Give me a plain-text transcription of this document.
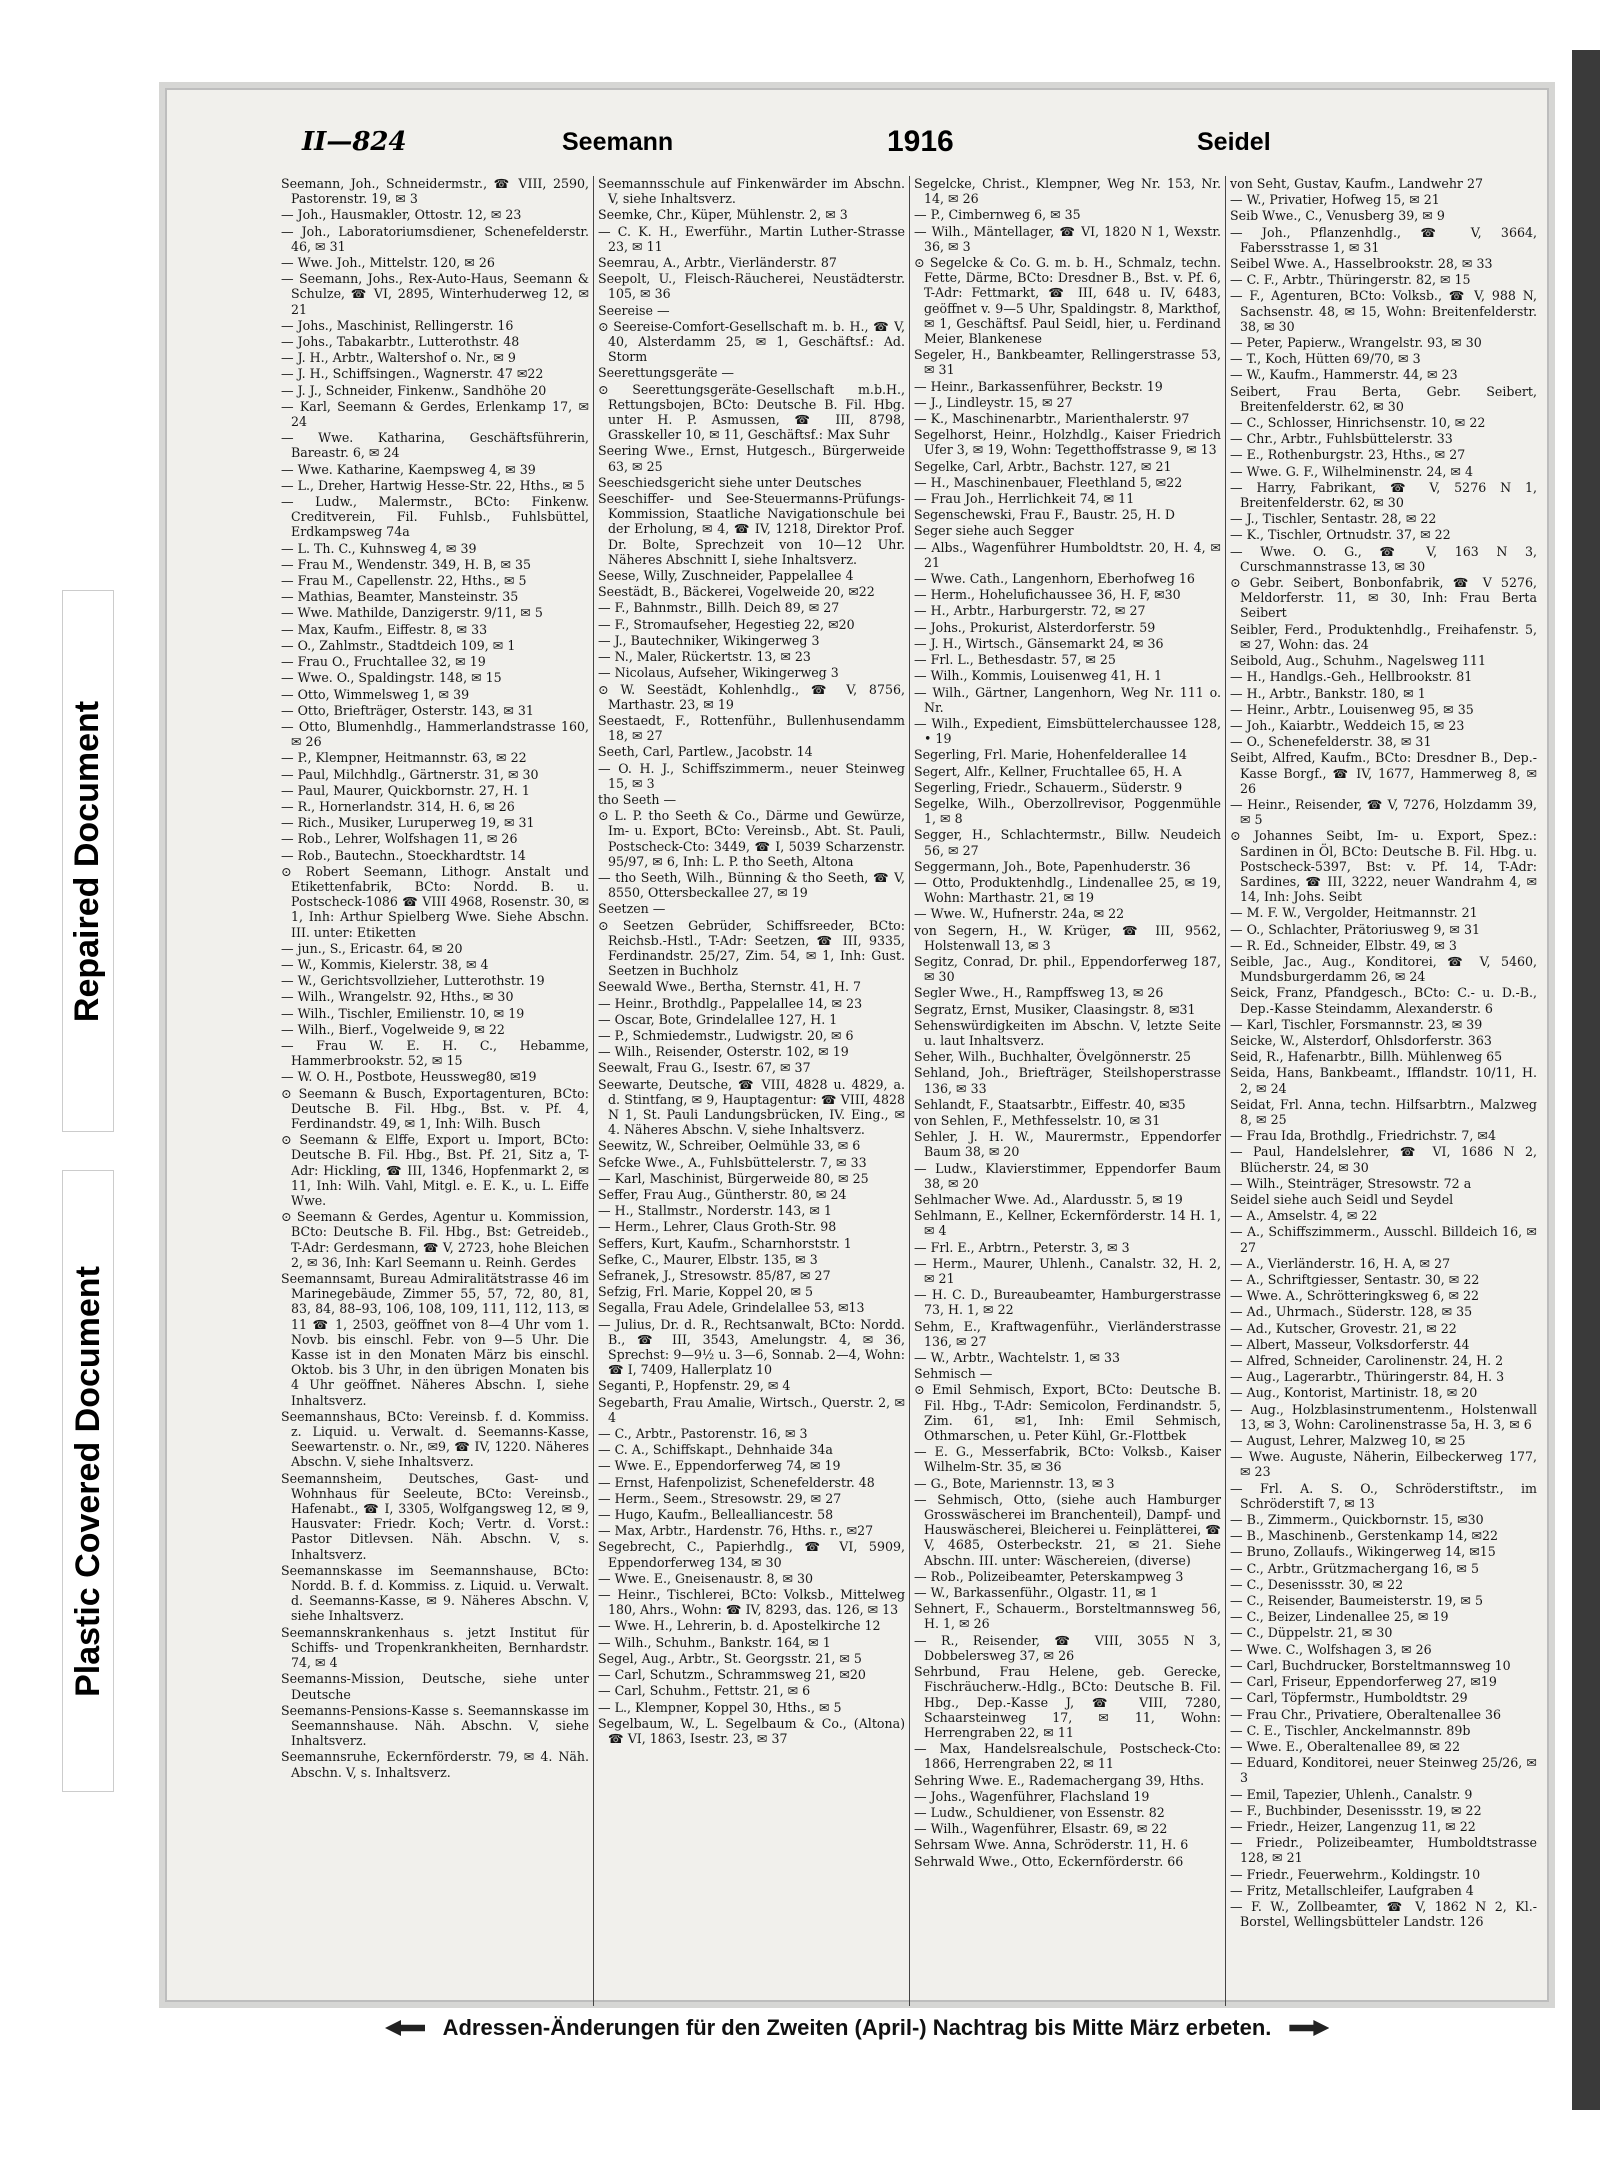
Repaired Document
Plastic Covered Document
II—824	Seemann	1916	Seidel
Seemann, Joh., Schneidermstr., ☎ VIII, 2590, Pastorenstr. 19, ✉ 3
— Joh., Hausmakler, Ottostr. 12, ✉ 23
— Joh., Laboratoriumsdiener, Schenefelderstr. 46, ✉ 31
— Wwe. Joh., Mittelstr. 120, ✉ 26
— Seemann, Johs., Rex-Auto-Haus, Seemann & Schulze, ☎ VI, 2895, Winterhuderweg 12, ✉ 21
— Johs., Maschinist, Rellingerstr. 16
— Johs., Tabakarbtr., Lutterothstr. 48
— J. H., Arbtr., Waltershof o. Nr., ✉ 9
— J. H., Schiffsingen., Wagnerstr. 47 ✉22
— J. J., Schneider, Finkenw., Sandhöhe 20
— Karl, Seemann & Gerdes, Erlenkamp 17, ✉ 24
— Wwe. Katharina, Geschäftsführerin, Bareastr. 6, ✉ 24
— Wwe. Katharine, Kaempsweg 4, ✉ 39
— L., Dreher, Hartwig Hesse-Str. 22, Hths., ✉ 5
— Ludw., Malermstr., BCto: Finkenw. Creditverein, Fil. Fuhlsb., Fuhlsbüttel, Erdkampsweg 74a
— L. Th. C., Kuhnsweg 4, ✉ 39
— Frau M., Wendenstr. 349, H. B, ✉ 35
— Frau M., Capellenstr. 22, Hths., ✉ 5
— Mathias, Beamter, Mansteinstr. 35
— Wwe. Mathilde, Danzigerstr. 9/11, ✉ 5
— Max, Kaufm., Eiffestr. 8, ✉ 33
— O., Zahlmstr., Stadtdeich 109, ✉ 1
— Frau O., Fruchtallee 32, ✉ 19
— Wwe. O., Spaldingstr. 148, ✉ 15
— Otto, Wimmelsweg 1, ✉ 39
— Otto, Briefträger, Osterstr. 143, ✉ 31
— Otto, Blumenhdlg., Hammerlandstrasse 160, ✉ 26
— P., Klempner, Heitmannstr. 63, ✉ 22
— Paul, Milchhdlg., Gärtnerstr. 31, ✉ 30
— Paul, Maurer, Quickbornstr. 27, H. 1
— R., Hornerlandstr. 314, H. 6, ✉ 26
— Rich., Musiker, Luruperweg 19, ✉ 31
— Rob., Lehrer, Wolfshagen 11, ✉ 26
— Rob., Bautechn., Stoeckhardtstr. 14
⊙ Robert Seemann, Lithogr. Anstalt und Etikettenfabrik, BCto: Nordd. B. u. Postscheck-1086 ☎ VIII 4968, Rosenstr. 30, ✉ 1, Inh: Arthur Spielberg Wwe. Siehe Abschn. III. unter: Etiketten
— jun., S., Ericastr. 64, ✉ 20
— W., Kommis, Kielerstr. 38, ✉ 4
— W., Gerichtsvollzieher, Lutterothstr. 19
— Wilh., Wrangelstr. 92, Hths., ✉ 30
— Wilh., Tischler, Emilienstr. 10, ✉ 19
— Wilh., Bierf., Vogelweide 9, ✉ 22
— Frau W. E. H. C., Hebamme, Hammerbrookstr. 52, ✉ 15
— W. O. H., Postbote, Heussweg80, ✉19
⊙ Seemann & Busch, Exportagenturen, BCto: Deutsche B. Fil. Hbg., Bst. v. Pf. 4, Ferdinandstr. 49, ✉ 1, Inh: Wilh. Busch
⊙ Seemann & Elffe, Export u. Import, BCto: Deutsche B. Fil. Hbg., Bst. Pf. 21, Sitz a, T-Adr: Hickling, ☎ III, 1346, Hopfenmarkt 2, ✉ 11, Inh: Wilh. Vahl, Mitgl. e. E. K., u. L. Eiffe Wwe.
⊙ Seemann & Gerdes, Agentur u. Kommission, BCto: Deutsche B. Fil. Hbg., Bst: Getreideb., T-Adr: Gerdesmann, ☎ V, 2723, hohe Bleichen 2, ✉ 36, Inh: Karl Seemann u. Reinh. Gerdes
Seemannsamt, Bureau Admiralitätstrasse 46 im Marinegebäude, Zimmer 55, 57, 72, 80, 81, 83, 84, 88–93, 106, 108, 109, 111, 112, 113, ✉ 11 ☎ 1, 2503, geöffnet von 8—4 Uhr vom 1. Novb. bis einschl. Febr. von 9—5 Uhr. Die Kasse ist in den Monaten März bis einschl. Oktob. bis 3 Uhr, in den übrigen Monaten bis 4 Uhr geöffnet. Näheres Abschn. I, siehe Inhaltsverz.
Seemannshaus, BCto: Vereinsb. f. d. Kommiss. z. Liquid. u. Verwalt. d. Seemanns-Kasse, Seewartenstr. o. Nr., ✉9, ☎ IV, 1220. Näheres Abschn. V, siehe Inhaltsverz.
Seemannsheim, Deutsches, Gast- und Wohnhaus für Seeleute, BCto: Vereinsb., Hafenabt., ☎ I, 3305, Wolfgangsweg 12, ✉ 9, Hausvater: Friedr. Koch; Vertr. d. Vorst.: Pastor Ditlevsen. Näh. Abschn. V, s. Inhaltsverz.
Seemannskasse im Seemannshause, BCto: Nordd. B. f. d. Kommiss. z. Liquid. u. Verwalt. d. Seemanns-Kasse, ✉ 9. Näheres Abschn. V, siehe Inhaltsverz.
Seemannskrankenhaus s. jetzt Institut für Schiffs- und Tropenkrankheiten, Bernhardstr. 74, ✉ 4
Seemanns-Mission, Deutsche, siehe unter Deutsche
Seemanns-Pensions-Kasse s. Seemannskasse im Seemannshause. Näh. Abschn. V, siehe Inhaltsverz.
Seemannsruhe, Eckernförderstr. 79, ✉ 4. Näh. Abschn. V, s. Inhaltsverz.
Seemannsschule auf Finkenwärder im Abschn. V, siehe Inhaltsverz.
Seemke, Chr., Küper, Mühlenstr. 2, ✉ 3
— C. K. H., Ewerführ., Martin Luther-Strasse 23, ✉ 11
Seemrau, A., Arbtr., Vierländerstr. 87
Seepolt, U., Fleisch-Räucherei, Neustädterstr. 105, ✉ 36
Seereise —
⊙ Seereise-Comfort-Gesellschaft m. b. H., ☎ V, 40, Alsterdamm 25, ✉ 1, Geschäftsf.: Ad. Storm
Seerettungsgeräte —
⊙ Seerettungsgeräte-Gesellschaft m.b.H., Rettungsbojen, BCto: Deutsche B. Fil. Hbg. unter H. P. Asmussen, ☎ III, 8798, Grasskeller 10, ✉ 11, Geschäftsf.: Max Suhr
Seering Wwe., Ernst, Hutgesch., Bürgerweide 63, ✉ 25
Seeschiedsgericht siehe unter Deutsches
Seeschiffer- und See-Steuermanns-Prüfungs-Kommission, Staatliche Navigationschule bei der Erholung, ✉ 4, ☎ IV, 1218, Direktor Prof. Dr. Bolte, Sprechzeit von 10—12 Uhr. Näheres Abschnitt I, siehe Inhaltsverz.
Seese, Willy, Zuschneider, Pappelallee 4
Seestädt, B., Bäckerei, Vogelweide 20, ✉22
— F., Bahnmstr., Billh. Deich 89, ✉ 27
— F., Stromaufseher, Hegestieg 22, ✉20
— J., Bautechniker, Wikingerweg 3
— N., Maler, Rückertstr. 13, ✉ 23
— Nicolaus, Aufseher, Wikingerweg 3
⊙ W. Seestädt, Kohlenhdlg., ☎ V, 8756, Marthastr. 23, ✉ 19
Seestaedt, F., Rottenführ., Bullenhusendamm 18, ✉ 27
Seeth, Carl, Partlew., Jacobstr. 14
— O. H. J., Schiffszimmerm., neuer Steinweg 15, ✉ 3
tho Seeth —
⊙ L. P. tho Seeth & Co., Därme und Gewürze, Im- u. Export, BCto: Vereinsb., Abt. St. Pauli, Postscheck-Cto: 3449, ☎ I, 5039 Scharzenstr. 95/97, ✉ 6, Inh: L. P. tho Seeth, Altona
— tho Seeth, Wilh., Bünning & tho Seeth, ☎ V, 8550, Ottersbeckallee 27, ✉ 19
Seetzen —
⊙ Seetzen Gebrüder, Schiffsreeder, BCto: Reichsb.-Hstl., T-Adr: Seetzen, ☎ III, 9335, Ferdinandstr. 25/27, Zim. 54, ✉ 1, Inh: Gust. Seetzen in Buchholz
Seewald Wwe., Bertha, Sternstr. 41, H. 7
— Heinr., Brothdlg., Pappelallee 14, ✉ 23
— Oscar, Bote, Grindelallee 127, H. 1
— P., Schmiedemstr., Ludwigstr. 20, ✉ 6
— Wilh., Reisender, Osterstr. 102, ✉ 19
Seewalt, Frau G., Isestr. 67, ✉ 37
Seewarte, Deutsche, ☎ VIII, 4828 u. 4829, a. d. Stintfang, ✉ 9, Hauptagentur: ☎ VIII, 4828 N 1, St. Pauli Landungsbrücken, IV. Eing., ✉ 4. Näheres Abschn. V, siehe Inhaltsverz.
Seewitz, W., Schreiber, Oelmühle 33, ✉ 6
Sefcke Wwe., A., Fuhlsbüttelerstr. 7, ✉ 33
— Karl, Maschinist, Bürgerweide 80, ✉ 25
Seffer, Frau Aug., Güntherstr. 80, ✉ 24
— H., Stallmstr., Norderstr. 143, ✉ 1
— Herm., Lehrer, Claus Groth-Str. 98
Seffers, Kurt, Kaufm., Scharnhorststr. 1
Sefke, C., Maurer, Elbstr. 135, ✉ 3
Sefranek, J., Stresowstr. 85/87, ✉ 27
Sefzig, Frl. Marie, Koppel 20, ✉ 5
Segalla, Frau Adele, Grindelallee 53, ✉13
— Julius, Dr. d. R., Rechtsanwalt, BCto: Nordd. B., ☎ III, 3543, Amelungstr. 4, ✉ 36, Sprechst: 9—9½ u. 3—6, Sonnab. 2—4, Wohn: ☎ I, 7409, Hallerplatz 10
Seganti, P., Hopfenstr. 29, ✉ 4
Segebarth, Frau Amalie, Wirtsch., Querstr. 2, ✉ 4
— C., Arbtr., Pastorenstr. 16, ✉ 3
— C. A., Schiffskapt., Dehnhaide 34a
— Wwe. E., Eppendorferweg 74, ✉ 19
— Ernst, Hafenpolizist, Schenefelderstr. 48
— Herm., Seem., Stresowstr. 29, ✉ 27
— Hugo, Kaufm., Bellealliancestr. 58
— Max, Arbtr., Hardenstr. 76, Hths. r., ✉27
Segebrecht, C., Papierhdlg., ☎ VI, 5909, Eppendorferweg 134, ✉ 30
— Wwe. E., Gneisenaustr. 8, ✉ 30
— Heinr., Tischlerei, BCto: Volksb., Mittelweg 180, Ahrs., Wohn: ☎ IV, 8293, das. 126, ✉ 13
— Wwe. H., Lehrerin, b. d. Apostelkirche 12
— Wilh., Schuhm., Bankstr. 164, ✉ 1
Segel, Aug., Arbtr., St. Georgsstr. 21, ✉ 5
— Carl, Schutzm., Schrammsweg 21, ✉20
— Carl, Schuhm., Fettstr. 21, ✉ 6
— L., Klempner, Koppel 30, Hths., ✉ 5
Segelbaum, W., L. Segelbaum & Co., (Altona) ☎ VI, 1863, Isestr. 23, ✉ 37
Segelcke, Christ., Klempner, Weg Nr. 153, Nr. 14, ✉ 26
— P., Cimbernweg 6, ✉ 35
— Wilh., Mäntellager, ☎ VI, 1820 N 1, Wexstr. 36, ✉ 3
⊙ Segelcke & Co. G. m. b. H., Schmalz, techn. Fette, Därme, BCto: Dresdner B., Bst. v. Pf. 6, T-Adr: Fettmarkt, ☎ III, 648 u. IV, 6483, geöffnet v. 9—5 Uhr, Spaldingstr. 8, Markthof, ✉ 1, Geschäftsf. Paul Seidl, hier, u. Ferdinand Meier, Blankenese
Segeler, H., Bankbeamter, Rellingerstrasse 53, ✉ 31
— Heinr., Barkassenführer, Beckstr. 19
— J., Lindleystr. 15, ✉ 27
— K., Maschinenarbtr., Marienthalerstr. 97
Segelhorst, Heinr., Holzhdlg., Kaiser Friedrich Ufer 3, ✉ 19, Wohn: Tegetthoffstrasse 9, ✉ 13
Segelke, Carl, Arbtr., Bachstr. 127, ✉ 21
— H., Maschinenbauer, Fleethland 5, ✉22
— Frau Joh., Herrlichkeit 74, ✉ 11
Segenschewski, Frau F., Baustr. 25, H. D
Seger siehe auch Segger
— Albs., Wagenführer Humboldtstr. 20, H. 4, ✉ 21
— Wwe. Cath., Langenhorn, Eberhofweg 16
— Herm., Hohelufichaussee 36, H. F, ✉30
— H., Arbtr., Harburgerstr. 72, ✉ 27
— Johs., Prokurist, Alsterdorferstr. 59
— J. H., Wirtsch., Gänsemarkt 24, ✉ 36
— Frl. L., Bethesdastr. 57, ✉ 25
— Wilh., Kommis, Louisenweg 41, H. 1
— Wilh., Gärtner, Langenhorn, Weg Nr. 111 o. Nr.
— Wilh., Expedient, Eimsbüttelerchaussee 128, • 19
Segerling, Frl. Marie, Hohenfelderallee 14
Segert, Alfr., Kellner, Fruchtallee 65, H. A
Segerling, Friedr., Schauerm., Süderstr. 9
Segelke, Wilh., Oberzollrevisor, Poggenmühle 1, ✉ 8
Segger, H., Schlachtermstr., Billw. Neudeich 56, ✉ 27
Seggermann, Joh., Bote, Papenhuderstr. 36
— Otto, Produktenhdlg., Lindenallee 25, ✉ 19, Wohn: Marthastr. 21, ✉ 19
— Wwe. W., Hufnerstr. 24a, ✉ 22
von Segern, H., W. Krüger, ☎ III, 9562, Holstenwall 13, ✉ 3
Segitz, Conrad, Dr. phil., Eppendorferweg 187, ✉ 30
Segler Wwe., H., Rampffsweg 13, ✉ 26
Segratz, Ernst, Musiker, Claasingstr. 8, ✉31
Sehenswürdigkeiten im Abschn. V, letzte Seite u. laut Inhaltsverz.
Seher, Wilh., Buchhalter, Övelgönnerstr. 25
Sehland, Joh., Briefträger, Steilshoperstrasse 136, ✉ 33
Sehlandt, F., Staatsarbtr., Eiffestr. 40, ✉35
von Sehlen, F., Methfesselstr. 10, ✉ 31
Sehler, J. H. W., Maurermstr., Eppendorfer Baum 38, ✉ 20
— Ludw., Klavierstimmer, Eppendorfer Baum 38, ✉ 20
Sehlmacher Wwe. Ad., Alardusstr. 5, ✉ 19
Sehlmann, E., Kellner, Eckernförderstr. 14 H. 1, ✉ 4
— Frl. E., Arbtrn., Peterstr. 3, ✉ 3
— Herm., Maurer, Uhlenh., Canalstr. 32, H. 2, ✉ 21
— H. C. D., Bureaubeamter, Hamburgerstrasse 73, H. 1, ✉ 22
Sehm, E., Kraftwagenführ., Vierländerstrasse 136, ✉ 27
— W., Arbtr., Wachtelstr. 1, ✉ 33
Sehmisch —
⊙ Emil Sehmisch, Export, BCto: Deutsche B. Fil. Hbg., T-Adr: Semicolon, Ferdinandstr. 5, Zim. 61, ✉1, Inh: Emil Sehmisch, Othmarschen, u. Peter Kühl, Gr.-Flottbek
— E. G., Messerfabrik, BCto: Volksb., Kaiser Wilhelm-Str. 35, ✉ 36
— G., Bote, Mariennstr. 13, ✉ 3
— Sehmisch, Otto, (siehe auch Hamburger Grosswäscherei im Branchenteil), Dampf- und Hauswäscherei, Bleicherei u. Feinplätterei, ☎ V, 4685, Osterbeckstr. 21, ✉ 21. Siehe Abschn. III. unter: Wäschereien, (diverse)
— Rob., Polizeibeamter, Peterskampweg 3
— W., Barkassenführ., Olgastr. 11, ✉ 1
Sehnert, F., Schauerm., Borsteltmannsweg 56, H. 1, ✉ 26
— R., Reisender, ☎ VIII, 3055 N 3, Dobbelersweg 37, ✉ 26
Sehrbund, Frau Helene, geb. Gerecke, Fischräucherw.-Hdlg., BCto: Deutsche B. Fil. Hbg., Dep.-Kasse J, ☎ VIII, 7280, Schaarsteinweg 17, ✉ 11, Wohn: Herrengraben 22, ✉ 11
— Max, Handelsrealschule, Postscheck-Cto: 1866, Herrengraben 22, ✉ 11
Sehring Wwe. E., Rademachergang 39, Hths.
— Johs., Wagenführer, Flachsland 19
— Ludw., Schuldiener, von Essenstr. 82
— Wilh., Wagenführer, Elsastr. 69, ✉ 22
Sehrsam Wwe. Anna, Schröderstr. 11, H. 6
Sehrwald Wwe., Otto, Eckernförderstr. 66
von Seht, Gustav, Kaufm., Landwehr 27
— W., Privatier, Hofweg 15, ✉ 21
Seib Wwe., C., Venusberg 39, ✉ 9
— Joh., Pflanzenhdlg., ☎ V, 3664, Fabersstrasse 1, ✉ 31
Seibel Wwe. A., Hasselbrookstr. 28, ✉ 33
— C. F., Arbtr., Thüringerstr. 82, ✉ 15
— F., Agenturen, BCto: Volksb., ☎ V, 988 N, Sachsenstr. 48, ✉ 15, Wohn: Breitenfelderstr. 38, ✉ 30
— Peter, Papierw., Wrangelstr. 93, ✉ 30
— T., Koch, Hütten 69/70, ✉ 3
— W., Kaufm., Hammerstr. 44, ✉ 23
Seibert, Frau Berta, Gebr. Seibert, Breitenfelderstr. 62, ✉ 30
— C., Schlosser, Hinrichsenstr. 10, ✉ 22
— Chr., Arbtr., Fuhlsbüttelerstr. 33
— E., Rothenburgstr. 23, Hths., ✉ 27
— Wwe. G. F., Wilhelminenstr. 24, ✉ 4
— Harry, Fabrikant, ☎ V, 5276 N 1, Breitenfelderstr. 62, ✉ 30
— J., Tischler, Sentastr. 28, ✉ 22
— K., Tischler, Ortnudstr. 37, ✉ 22
— Wwe. O. G., ☎ V, 163 N 3, Curschmannstrasse 13, ✉ 30
⊙ Gebr. Seibert, Bonbonfabrik, ☎ V 5276, Meldorferstr. 11, ✉ 30, Inh: Frau Berta Seibert
Seibler, Ferd., Produktenhdlg., Freihafenstr. 5, ✉ 27, Wohn: das. 24
Seibold, Aug., Schuhm., Nagelsweg 111
— H., Handlgs.-Geh., Hellbrookstr. 81
— H., Arbtr., Bankstr. 180, ✉ 1
— Heinr., Arbtr., Louisenweg 95, ✉ 35
— Joh., Kaiarbtr., Weddeich 15, ✉ 23
— O., Schenefelderstr. 38, ✉ 31
Seibt, Alfred, Kaufm., BCto: Dresdner B., Dep.-Kasse Borgf., ☎ IV, 1677, Hammerweg 8, ✉ 26
— Heinr., Reisender, ☎ V, 7276, Holzdamm 39, ✉ 5
⊙ Johannes Seibt, Im- u. Export, Spez.: Sardinen in Öl, BCto: Deutsche B. Fil. Hbg. u. Postscheck-5397, Bst: v. Pf. 14, T-Adr: Sardines, ☎ III, 3222, neuer Wandrahm 4, ✉ 14, Inh: Johs. Seibt
— M. F. W., Vergolder, Heitmannstr. 21
— O., Schlachter, Prätoriusweg 9, ✉ 31
— R. Ed., Schneider, Elbstr. 49, ✉ 3
Seible, Jac., Aug., Konditorei, ☎ V, 5460, Mundsburgerdamm 26, ✉ 24
Seick, Franz, Pfandgesch., BCto: C.- u. D.-B., Dep.-Kasse Steindamm, Alexanderstr. 6
— Karl, Tischler, Forsmannstr. 23, ✉ 39
Seicke, W., Alsterdorf, Ohlsdorferstr. 363
Seid, R., Hafenarbtr., Billh. Mühlenweg 65
Seida, Hans, Bankbeamt., Ifflandstr. 10/11, H. 2, ✉ 24
Seidat, Frl. Anna, techn. Hilfsarbtrn., Malzweg 8, ✉ 25
— Frau Ida, Brothdlg., Friedrichstr. 7, ✉4
— Paul, Handelslehrer, ☎ VI, 1686 N 2, Blücherstr. 24, ✉ 30
— Wilh., Steinträger, Stresowstr. 72 a
Seidel siehe auch Seidl und Seydel
— A., Amselstr. 4, ✉ 22
— A., Schiffszimmerm., Ausschl. Billdeich 16, ✉ 27
— A., Vierländerstr. 16, H. A, ✉ 27
— A., Schriftgiesser, Sentastr. 30, ✉ 22
— Wwe. A., Schrötteringksweg 6, ✉ 22
— Ad., Uhrmach., Süderstr. 128, ✉ 35
— Ad., Kutscher, Grovestr. 21, ✉ 22
— Albert, Masseur, Volksdorferstr. 44
— Alfred, Schneider, Carolinenstr. 24, H. 2
— Aug., Lagerarbtr., Thüringerstr. 84, H. 3
— Aug., Kontorist, Martinistr. 18, ✉ 20
— Aug., Holzblasinstrumentenm., Holstenwall 13, ✉ 3, Wohn: Carolinenstrasse 5a, H. 3, ✉ 6
— August, Lehrer, Malzweg 10, ✉ 25
— Wwe. Auguste, Näherin, Eilbeckerweg 177, ✉ 23
— Frl. A. S. O., Schröderstiftstr., im Schröderstift 7, ✉ 13
— B., Zimmerm., Quickbornstr. 15, ✉30
— B., Maschinenb., Gerstenkamp 14, ✉22
— Bruno, Zollaufs., Wikingerweg 14, ✉15
— C., Arbtr., Grützmachergang 16, ✉ 5
— C., Desenissstr. 30, ✉ 22
— C., Reisender, Baumeisterstr. 19, ✉ 5
— C., Beizer, Lindenallee 25, ✉ 19
— C., Düppelstr. 21, ✉ 30
— Wwe. C., Wolfshagen 3, ✉ 26
— Carl, Buchdrucker, Borsteltmannsweg 10
— Carl, Friseur, Eppendorferweg 27, ✉19
— Carl, Töpfermstr., Humboldtstr. 29
— Frau Chr., Privatiere, Oberaltenallee 36
— C. E., Tischler, Anckelmannstr. 89b
— Wwe. E., Oberaltenallee 89, ✉ 22
— Eduard, Konditorei, neuer Steinweg 25/26, ✉ 3
— Emil, Tapezier, Uhlenh., Canalstr. 9
— F., Buchbinder, Desenissstr. 19, ✉ 22
— Friedr., Heizer, Langenzug 11, ✉ 22
— Friedr., Polizeibeamter, Humboldtstrasse 128, ✉ 21
— Friedr., Feuerwehrm., Koldingstr. 10
— Fritz, Metallschleifer, Laufgraben 4
— F. W., Zollbeamter, ☎ V, 1862 N 2, Kl.-Borstel, Wellingsbütteler Landstr. 126
Adressen-Änderungen für den Zweiten (April-) Nachtrag bis Mitte März erbeten.
